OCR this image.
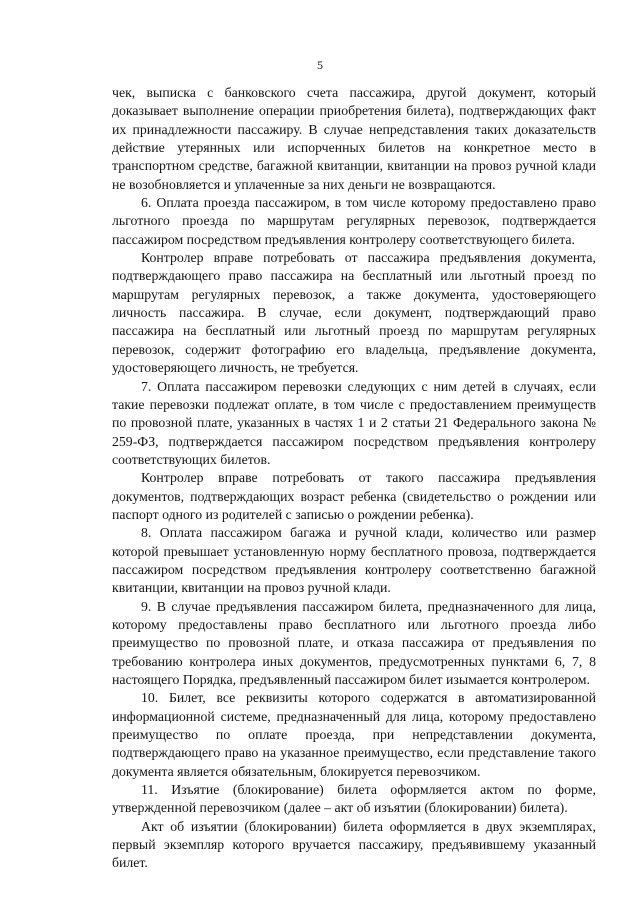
5

чек, выписка с банковского счета пассажира, другой документ, который доказывает выполнение операции приобретения билета), подтверждающих факт их принадлежности пассажиру. В случае непредставления таких доказательств действие утерянных или испорченных билетов на конкретное место в транспортном средстве, багажной квитанции, квитанции на провоз ручной клади не возобновляется и уплаченные за них деньги не возвращаются.

6. Оплата проезда пассажиром, в том числе которому предоставлено право льготного проезда по маршрутам регулярных перевозок, подтверждается пассажиром посредством предъявления контролеру соответствующего билета.

Контролер вправе потребовать от пассажира предъявления документа, подтверждающего право пассажира на бесплатный или льготный проезд по маршрутам регулярных перевозок, а также документа, удостоверяющего личность пассажира. В случае, если документ, подтверждающий право пассажира на бесплатный или льготный проезд по маршрутам регулярных перевозок, содержит фотографию его владельца, предъявление документа, удостоверяющего личность, не требуется.

7. Оплата пассажиром перевозки следующих с ним детей в случаях, если такие перевозки подлежат оплате, в том числе с предоставлением преимуществ по провозной плате, указанных в частях 1 и 2 статьи 21 Федерального закона № 259-ФЗ, подтверждается пассажиром посредством предъявления контролеру соответствующих билетов.

Контролер вправе потребовать от такого пассажира предъявления документов, подтверждающих возраст ребенка (свидетельство о рождении или паспорт одного из родителей с записью о рождении ребенка).

8. Оплата пассажиром багажа и ручной клади, количество или размер которой превышает установленную норму бесплатного провоза, подтверждается пассажиром посредством предъявления контролеру соответственно багажной квитанции, квитанции на провоз ручной клади.

9. В случае предъявления пассажиром билета, предназначенного для лица, которому предоставлены право бесплатного или льготного проезда либо преимущество по провозной плате, и отказа пассажира от предъявления по требованию контролера иных документов, предусмотренных пунктами 6, 7, 8 настоящего Порядка, предъявленный пассажиром билет изымается контролером.

10. Билет, все реквизиты которого содержатся в автоматизированной информационной системе, предназначенный для лица, которому предоставлено преимущество по оплате проезда, при непредставлении документа, подтверждающего право на указанное преимущество, если представление такого документа является обязательным, блокируется перевозчиком.

11. Изъятие (блокирование) билета оформляется актом по форме, утвержденной перевозчиком (далее – акт об изъятии (блокировании) билета).

Акт об изъятии (блокировании) билета оформляется в двух экземплярах, первый экземпляр которого вручается пассажиру, предъявившему указанный билет.
